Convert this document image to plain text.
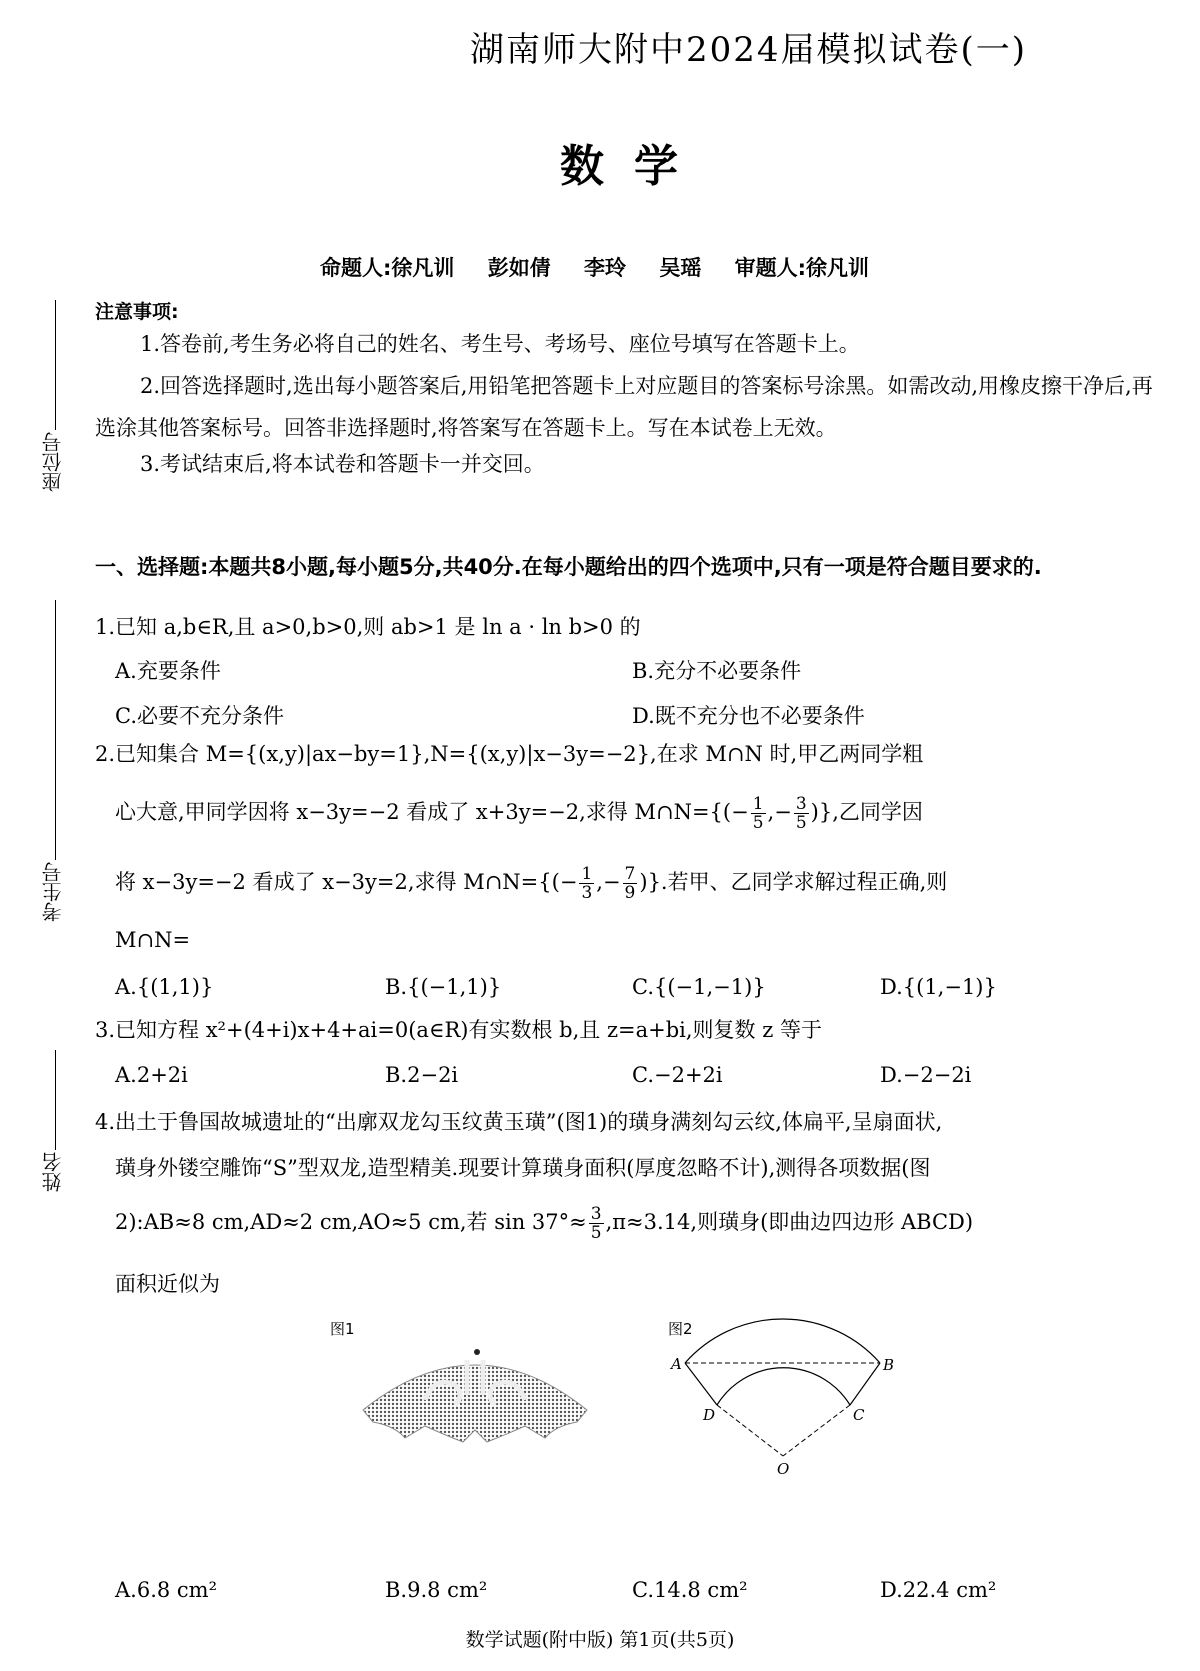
湖南师大附中2024届模拟试卷(一)
数学
命题人:徐凡训 彭如倩 李玲 吴瑶 审题人:徐凡训
座位号
考生号
姓名
注意事项:
1.答卷前,考生务必将自己的姓名、考生号、考场号、座位号填写在答题卡上。
2.回答选择题时,选出每小题答案后,用铅笔把答题卡上对应题目的答案标号涂黑。如需改动,用橡皮擦干净后,再选涂其他答案标号。回答非选择题时,将答案写在答题卡上。写在本试卷上无效。
3.考试结束后,将本试卷和答题卡一并交回。
一、选择题:本题共8小题,每小题5分,共40分.在每小题给出的四个选项中,只有一项是符合题目要求的.
1.已知 a,b∈R,且 a>0,b>0,则 ab>1 是 ln a · ln b>0 的
A.充要条件	B.充分不必要条件
C.必要不充分条件	D.既不充分也不必要条件
2.已知集合 M={(x,y)|ax−by=1},N={(x,y)|x−3y=−2},在求 M∩N 时,甲乙两同学粗
心大意,甲同学因将 x−3y=−2 看成了 x+3y=−2,求得 M∩N={(− $\frac{1}{5}$ ,− $\frac{3}{5}$ )},乙同学因
将 x−3y=−2 看成了 x−3y=2,求得 M∩N={(− $\frac{1}{3}$ ,− $\frac{7}{9}$ )}.若甲、乙同学求解过程正确,则
M∩N=
A.{(1,1)}	B.{(−1,1)}	C.{(−1,−1)}	D.{(1,−1)}
3.已知方程 x²+(4+i)x+4+ai=0(a∈R)有实数根 b,且 z=a+bi,则复数 z 等于
A.2+2i	B.2−2i	C.−2+2i	D.−2−2i
4.出土于鲁国故城遗址的“出廓双龙勾玉纹黄玉璜”(图1)的璜身满刻勾云纹,体扁平,呈扇面状,
璜身外镂空雕饰“S”型双龙,造型精美.现要计算璜身面积(厚度忽略不计),测得各项数据(图
2):AB≈8 cm,AD≈2 cm,AO≈5 cm,若 $\sin 37^\circ\approx \frac{3}{5} ,\pi\approx 3.14$,则璜身(即曲边四边形 ABCD)
面积近似为
图1	图2
A	B
C
D
O
A.6.8 cm²	B.9.8 cm²	C.14.8 cm²	D.22.4 cm²
数学试题(附中版) 第1页(共5页)
